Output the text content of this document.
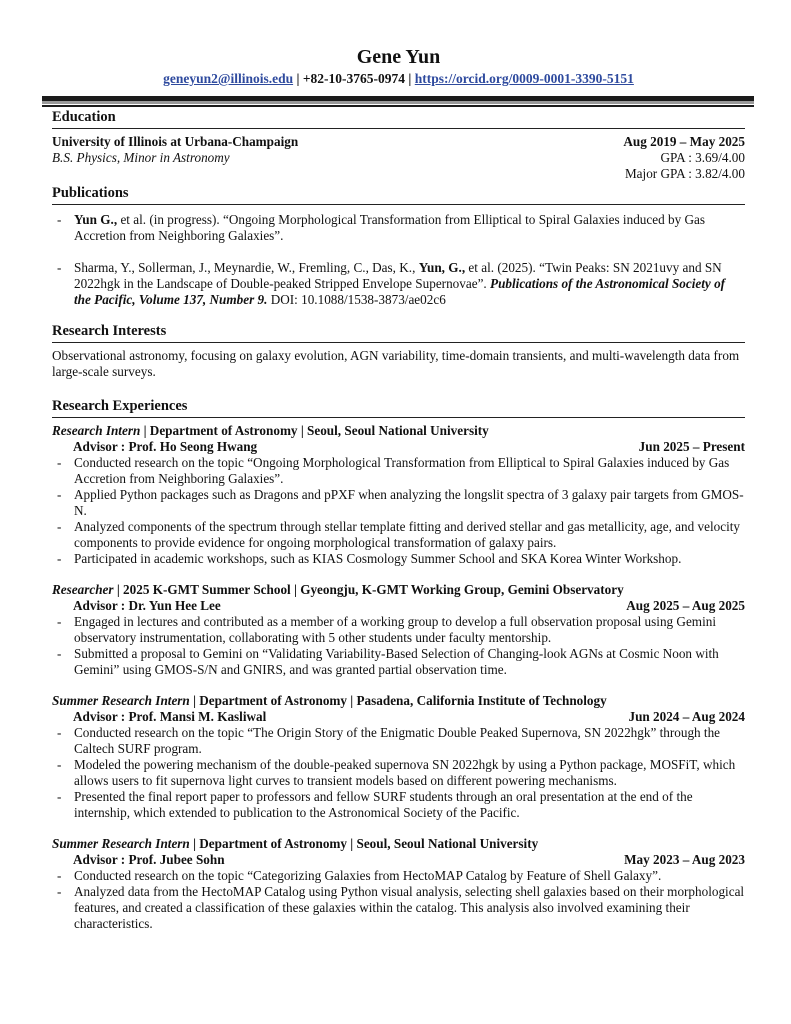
Gene Yun
geneyun2@illinois.edu | +82-10-3765-0974 | https://orcid.org/0009-0001-3390-5151
Education
University of Illinois at Urbana-Champaign	Aug 2019 – May 2025
B.S. Physics, Minor in Astronomy	GPA : 3.69/4.00
Major GPA : 3.82/4.00
Publications
- Yun G., et al. (in progress). “Ongoing Morphological Transformation from Elliptical to Spiral Galaxies induced by Gas Accretion from Neighboring Galaxies”.
- Sharma, Y., Sollerman, J., Meynardie, W., Fremling, C., Das, K., Yun, G., et al. (2025). “Twin Peaks: SN 2021uvy and SN 2022hgk in the Landscape of Double-peaked Stripped Envelope Supernovae”. Publications of the Astronomical Society of the Pacific, Volume 137, Number 9. DOI: 10.1088/1538-3873/ae02c6
Research Interests
Observational astronomy, focusing on galaxy evolution, AGN variability, time-domain transients, and multi-wavelength data from large-scale surveys.
Research Experiences
Research Intern | Department of Astronomy | Seoul, Seoul National University
Advisor : Prof. Ho Seong Hwang	Jun 2025 – Present
- Conducted research on the topic “Ongoing Morphological Transformation from Elliptical to Spiral Galaxies induced by Gas Accretion from Neighboring Galaxies”.
- Applied Python packages such as Dragons and pPXF when analyzing the longslit spectra of 3 galaxy pair targets from GMOS-N.
- Analyzed components of the spectrum through stellar template fitting and derived stellar and gas metallicity, age, and velocity components to provide evidence for ongoing morphological transformation of galaxy pairs.
- Participated in academic workshops, such as KIAS Cosmology Summer School and SKA Korea Winter Workshop.
Researcher | 2025 K-GMT Summer School | Gyeongju, K-GMT Working Group, Gemini Observatory
Advisor : Dr. Yun Hee Lee	Aug 2025 – Aug 2025
- Engaged in lectures and contributed as a member of a working group to develop a full observation proposal using Gemini observatory instrumentation, collaborating with 5 other students under faculty mentorship.
- Submitted a proposal to Gemini on “Validating Variability-Based Selection of Changing-look AGNs at Cosmic Noon with Gemini” using GMOS-S/N and GNIRS, and was granted partial observation time.
Summer Research Intern | Department of Astronomy | Pasadena, California Institute of Technology
Advisor : Prof. Mansi M. Kasliwal	Jun 2024 – Aug 2024
- Conducted research on the topic “The Origin Story of the Enigmatic Double Peaked Supernova, SN 2022hgk” through the Caltech SURF program.
- Modeled the powering mechanism of the double-peaked supernova SN 2022hgk by using a Python package, MOSFiT, which allows users to fit supernova light curves to transient models based on different powering mechanisms.
- Presented the final report paper to professors and fellow SURF students through an oral presentation at the end of the internship, which extended to publication to the Astronomical Society of the Pacific.
Summer Research Intern | Department of Astronomy | Seoul, Seoul National University
Advisor : Prof. Jubee Sohn	May 2023 – Aug 2023
- Conducted research on the topic “Categorizing Galaxies from HectoMAP Catalog by Feature of Shell Galaxy”.
- Analyzed data from the HectoMAP Catalog using Python visual analysis, selecting shell galaxies based on their morphological features, and created a classification of these galaxies within the catalog. This analysis also involved examining their characteristics.
